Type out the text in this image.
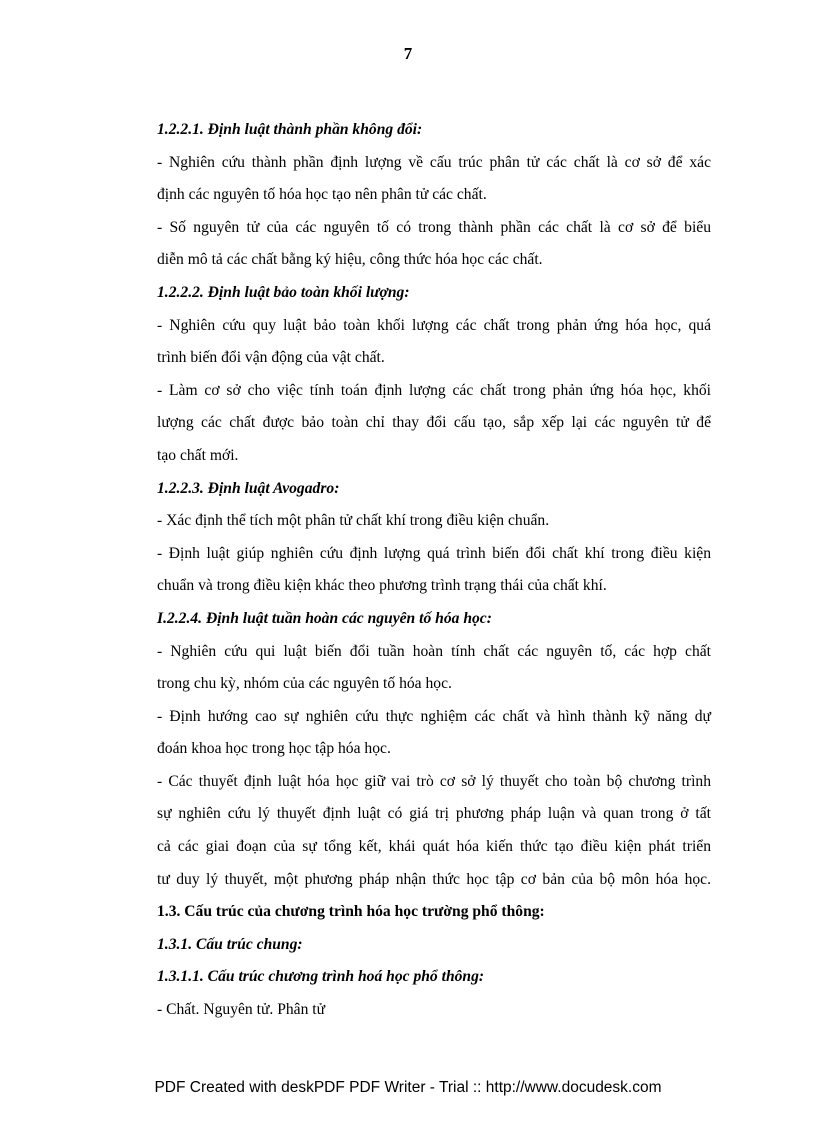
7
1.2.2.1. Định luật thành phần không đổi:
- Nghiên cứu thành phần định lượng về cấu trúc phân tử các chất là cơ sở để xác
định các nguyên tố hóa học tạo nên phân tử các chất.
- Số nguyên tử của các nguyên tố có trong thành phần các chất là cơ sở để biểu
diễn mô tả các chất bằng ký hiệu, công thức hóa học các chất.
1.2.2.2. Định luật bảo toàn khối lượng:
- Nghiên cứu quy luật bảo toàn khối lượng các chất trong phản ứng hóa học, quá
trình biến đổi vận động của vật chất.
- Làm cơ sở cho việc tính toán định lượng các chất trong phản ứng hóa học, khối
lượng các chất được bảo toàn chỉ thay đổi cấu tạo, sắp xếp lại các nguyên tử để
tạo chất mới.
1.2.2.3. Định luật Avogadro:
- Xác định thể tích một phân tử chất khí trong điều kiện chuẩn.
- Định luật giúp nghiên cứu định lượng quá trình biến đổi chất khí trong điều kiện
chuẩn và trong điều kiện khác theo phương trình trạng thái của chất khí.
I.2.2.4. Định luật tuần hoàn các nguyên tố hóa học:
- Nghiên cứu qui luật biến đổi tuần hoàn tính chất các nguyên tố, các hợp chất
trong chu kỳ, nhóm của các nguyên tố hóa học.
- Định hướng cao sự nghiên cứu thực nghiệm các chất và hình thành kỹ năng dự
đoán khoa học trong học tập hóa học.
- Các thuyết định luật hóa học giữ vai trò cơ sở lý thuyết cho toàn bộ chương trình
sự nghiên cứu lý thuyết định luật có giá trị phương pháp luận và quan trong ở tất
cả các giai đoạn của sự tổng kết, khái quát hóa kiến thức tạo điều kiện phát triển
tư duy lý thuyết, một phương pháp nhận thức học tập cơ bản của bộ môn hóa học.
1.3. Cấu trúc của chương trình hóa học trường phổ thông:
1.3.1. Cấu trúc chung:
1.3.1.1. Cấu trúc chương trình hoá học phổ thông:
- Chất. Nguyên tử. Phân tử
PDF Created with deskPDF PDF Writer - Trial :: http://www.docudesk.com
